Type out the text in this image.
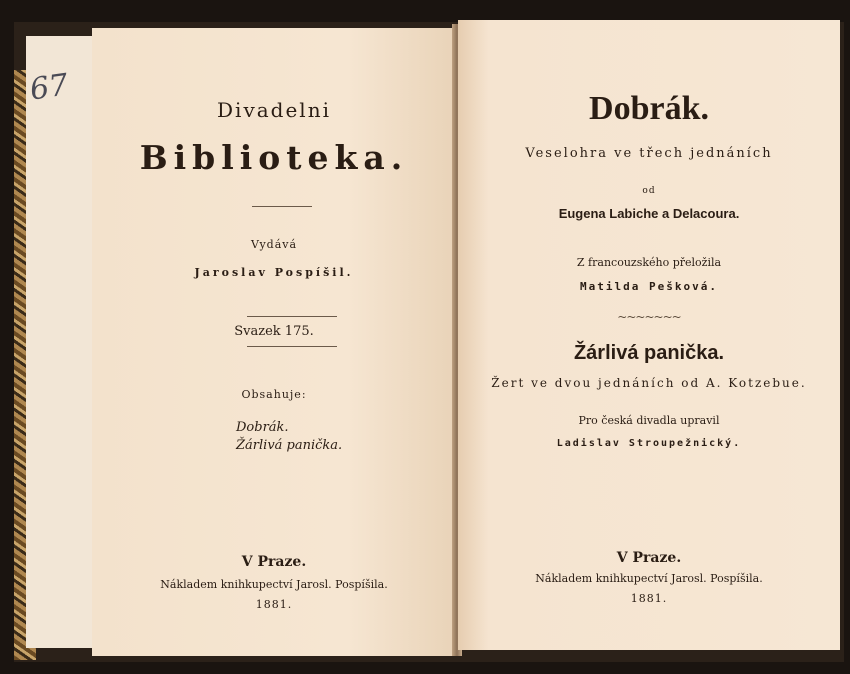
67
Divadelni
Biblioteka.
Vydává
Jaroslav Pospíšil.
Svazek 175.
Obsahuje:
Dobrák.
Žárlivá panička.
V Praze.
Nákladem knihkupectví Jarosl. Pospíšila.
1881.
Dobrák.
Veselohra ve třech jednáních
od
Eugena Labiche a Delacoura.
Z francouzského přeložila
Matilda Pešková.
~~~~~~~
Žárlivá panička.
Žert ve dvou jednáních od A. Kotzebue.
Pro česká divadla upravil
Ladislav Stroupežnický.
V Praze.
Nákladem knihkupectví Jarosl. Pospíšila.
1881.
